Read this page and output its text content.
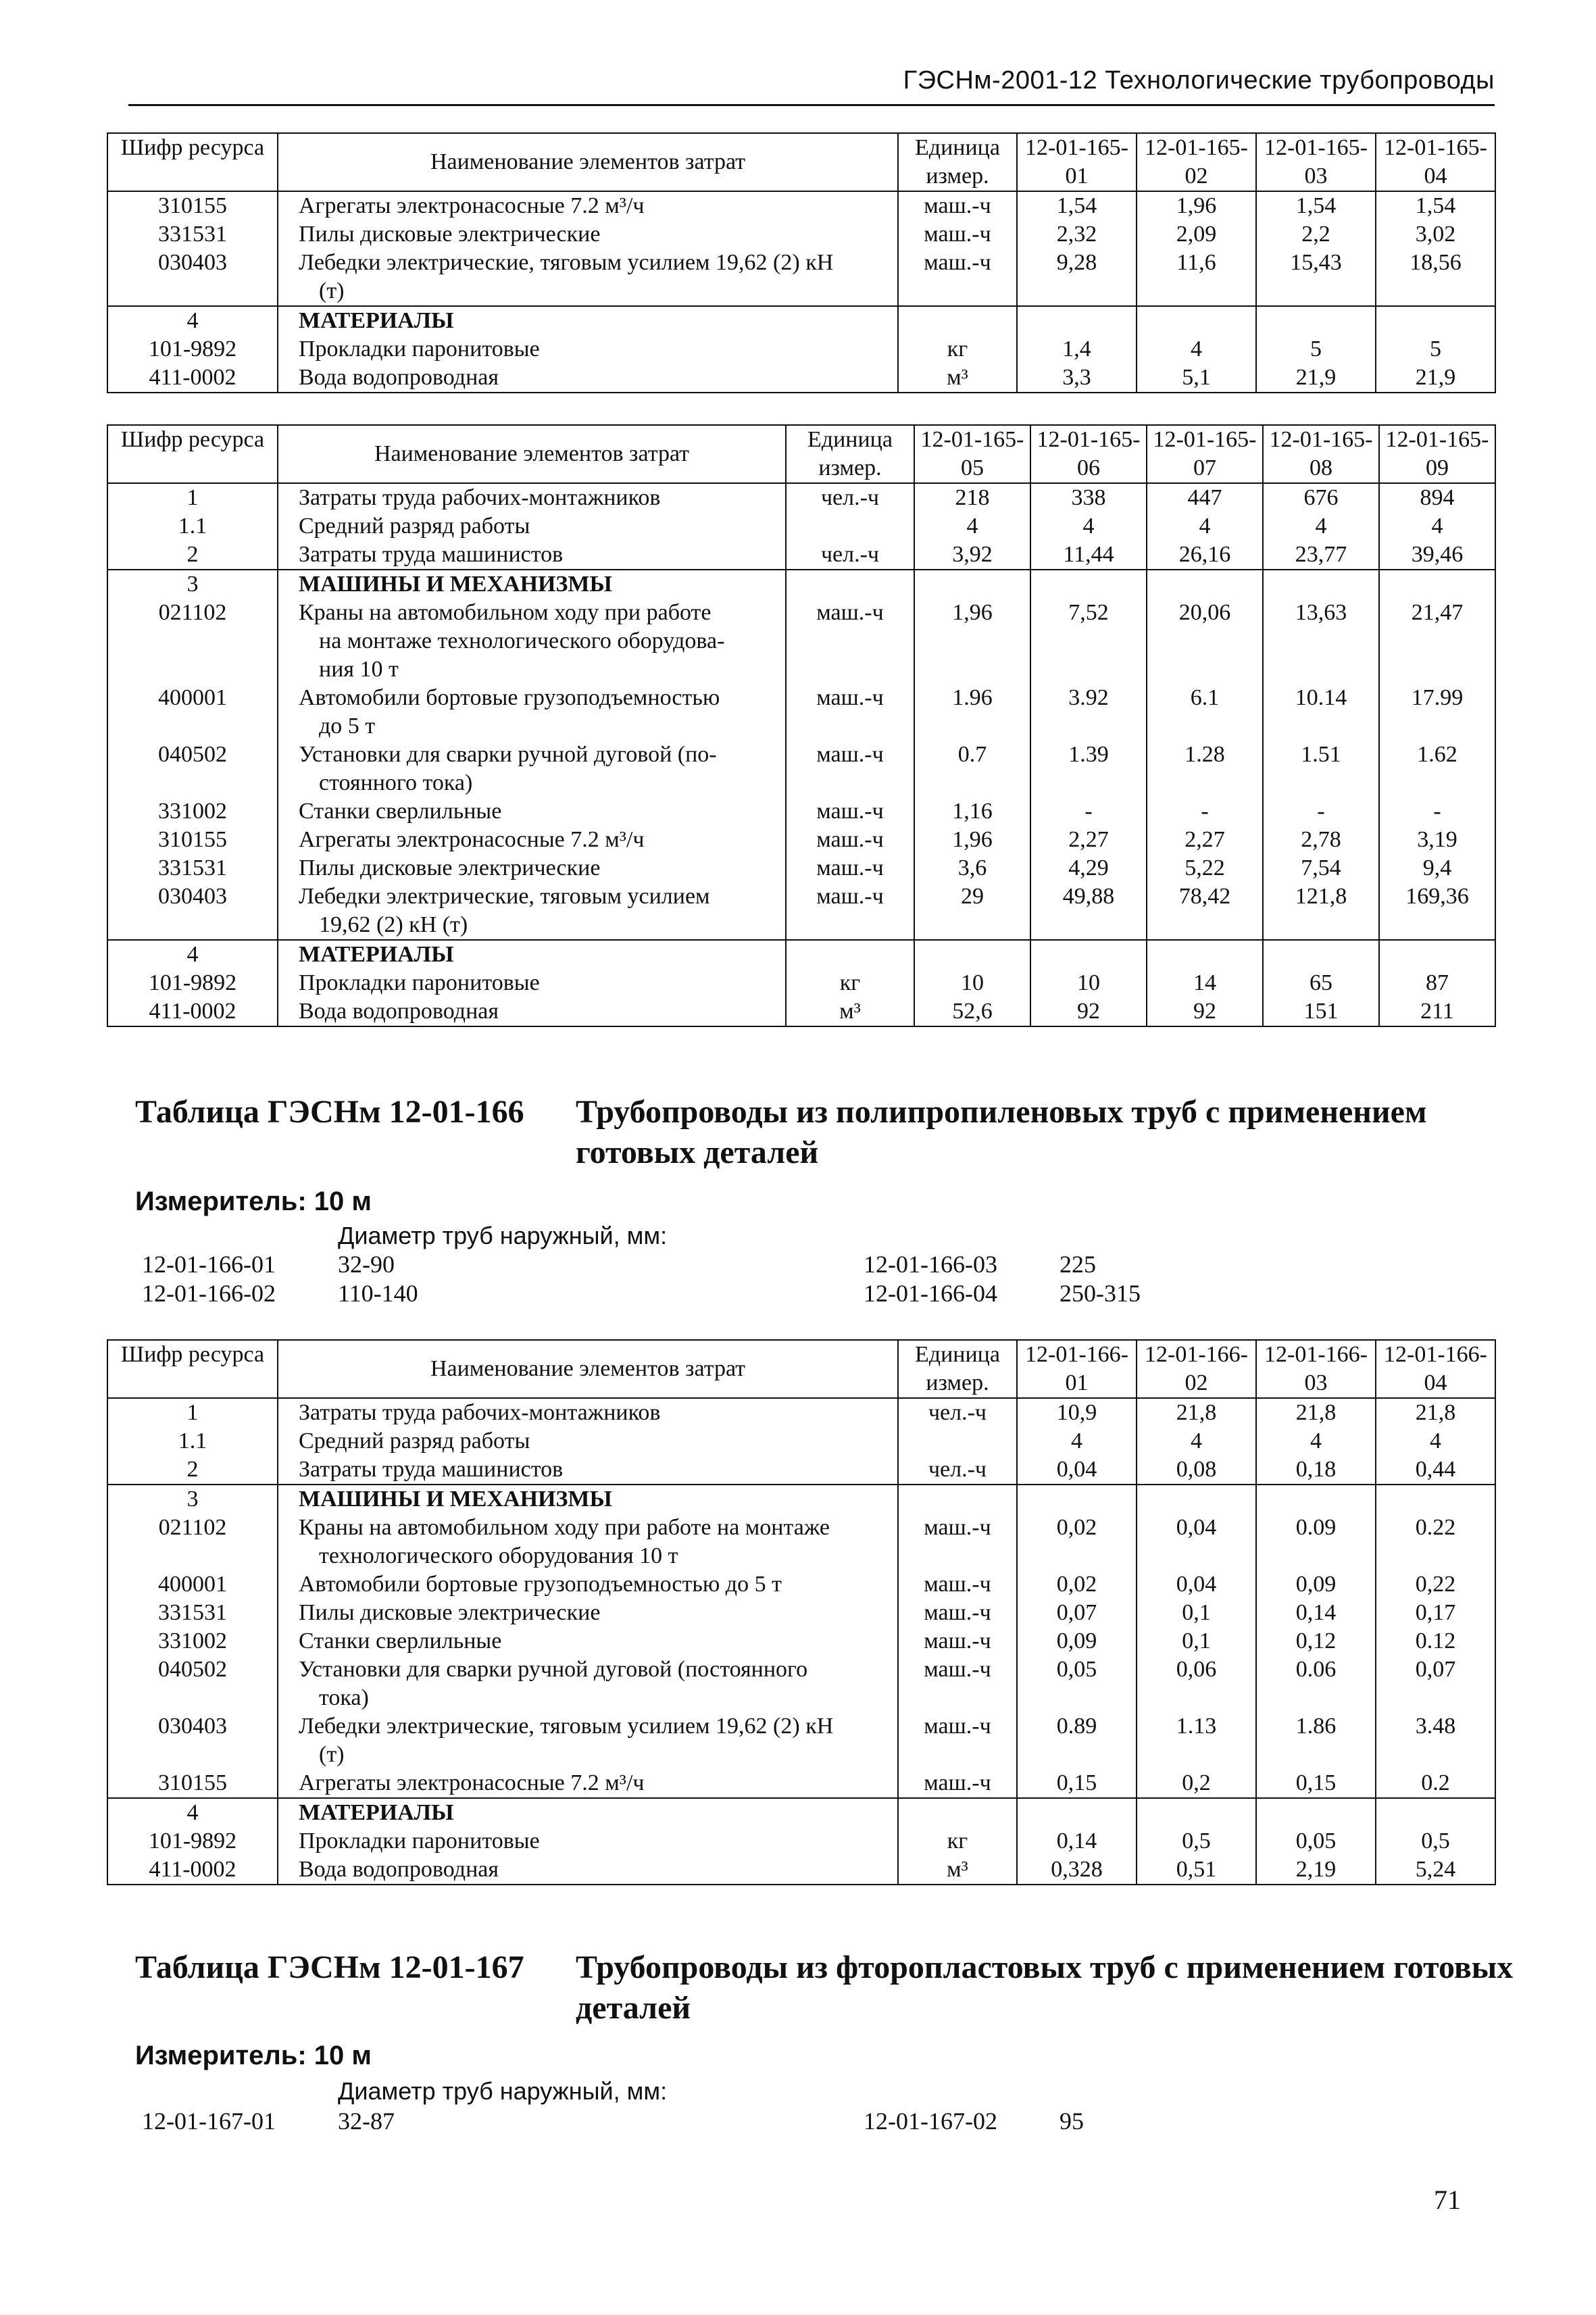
ГЭСНм-2001-12 Технологические трубопроводы
Шифр ресурса	Наименование элементов затрат	Единица измер.	12-01-165-01	12-01-165-02	12-01-165-03	12-01-165-04
310155	Агрегаты электронасосные 7.2 м³/ч	маш.-ч	1,54	1,96	1,54	1,54
331531	Пилы дисковые электрические	маш.-ч	2,32	2,09	2,2	3,02
030403	Лебедки электрические, тяговым усилием 19,62 (2) кН
(т)	маш.-ч	9,28	11,6	15,43	18,56
4	МАТЕРИАЛЫ					

101-9892	Прокладки паронитовые	кг	1,4	4	5	5
411-0002	Вода водопроводная	м³	3,3	5,1	21,9	21,9
Шифр ресурса	Наименование элементов затрат	Единица измер.	12-01-165-05	12-01-165-06	12-01-165-07	12-01-165-08	12-01-165-09
1	Затраты труда рабочих-монтажников	чел.-ч	218	338	447	676	894
1.1	Средний разряд работы		4	4	4	4	4
2	Затраты труда машинистов	чел.-ч	3,92	11,44	26,16	23,77	39,46
3	МАШИНЫ И МЕХАНИЗМЫ						

021102	Краны на автомобильном ходу при работе
на монтаже технологического оборудова-
ния 10 т	маш.-ч	1,96	7,52	20,06	13,63	21,47
400001	Автомобили бортовые грузоподъемностью
до 5 т	маш.-ч	1.96	3.92	6.1	10.14	17.99
040502	Установки для сварки ручной дуговой (по-
стоянного тока)	маш.-ч	0.7	1.39	1.28	1.51	1.62
331002	Станки сверлильные	маш.-ч	1,16	-	-	-	-
310155	Агрегаты электронасосные 7.2 м³/ч	маш.-ч	1,96	2,27	2,27	2,78	3,19
331531	Пилы дисковые электрические	маш.-ч	3,6	4,29	5,22	7,54	9,4
030403	Лебедки электрические, тяговым усилием
19,62 (2) кН (т)	маш.-ч	29	49,88	78,42	121,8	169,36
4	МАТЕРИАЛЫ						

101-9892	Прокладки паронитовые	кг	10	10	14	65	87
411-0002	Вода водопроводная	м³	52,6	92	92	151	211
Таблица ГЭСНм 12-01-166 Трубопроводы из полипропиленовых труб с применением готовых деталей
Измеритель: 10 м
Диаметр труб наружный, мм:
12-01-166-01	32-90
12-01-166-02	110-140
12-01-166-03	225
12-01-166-04	250-315
Шифр ресурса	Наименование элементов затрат	Единица измер.	12-01-166-01	12-01-166-02	12-01-166-03	12-01-166-04
1	Затраты труда рабочих-монтажников	чел.-ч	10,9	21,8	21,8	21,8
1.1	Средний разряд работы		4	4	4	4
2	Затраты труда машинистов	чел.-ч	0,04	0,08	0,18	0,44
3	МАШИНЫ И МЕХАНИЗМЫ					

021102	Краны на автомобильном ходу при работе на монтаже
технологического оборудования 10 т	маш.-ч	0,02	0,04	0.09	0.22
400001	Автомобили бортовые грузоподъемностью до 5 т	маш.-ч	0,02	0,04	0,09	0,22
331531	Пилы дисковые электрические	маш.-ч	0,07	0,1	0,14	0,17
331002	Станки сверлильные	маш.-ч	0,09	0,1	0,12	0.12
040502	Установки для сварки ручной дуговой (постоянного
тока)	маш.-ч	0,05	0,06	0.06	0,07
030403	Лебедки электрические, тяговым усилием 19,62 (2) кН
(т)	маш.-ч	0.89	1.13	1.86	3.48
310155	Агрегаты электронасосные 7.2 м³/ч	маш.-ч	0,15	0,2	0,15	0.2
4	МАТЕРИАЛЫ					

101-9892	Прокладки паронитовые	кг	0,14	0,5	0,05	0,5
411-0002	Вода водопроводная	м³	0,328	0,51	2,19	5,24
Таблица ГЭСНм 12-01-167 Трубопроводы из фторопластовых труб с применением готовых деталей
Измеритель: 10 м
Диаметр труб наружный, мм:
12-01-167-01	32-87	12-01-167-02	95
71
